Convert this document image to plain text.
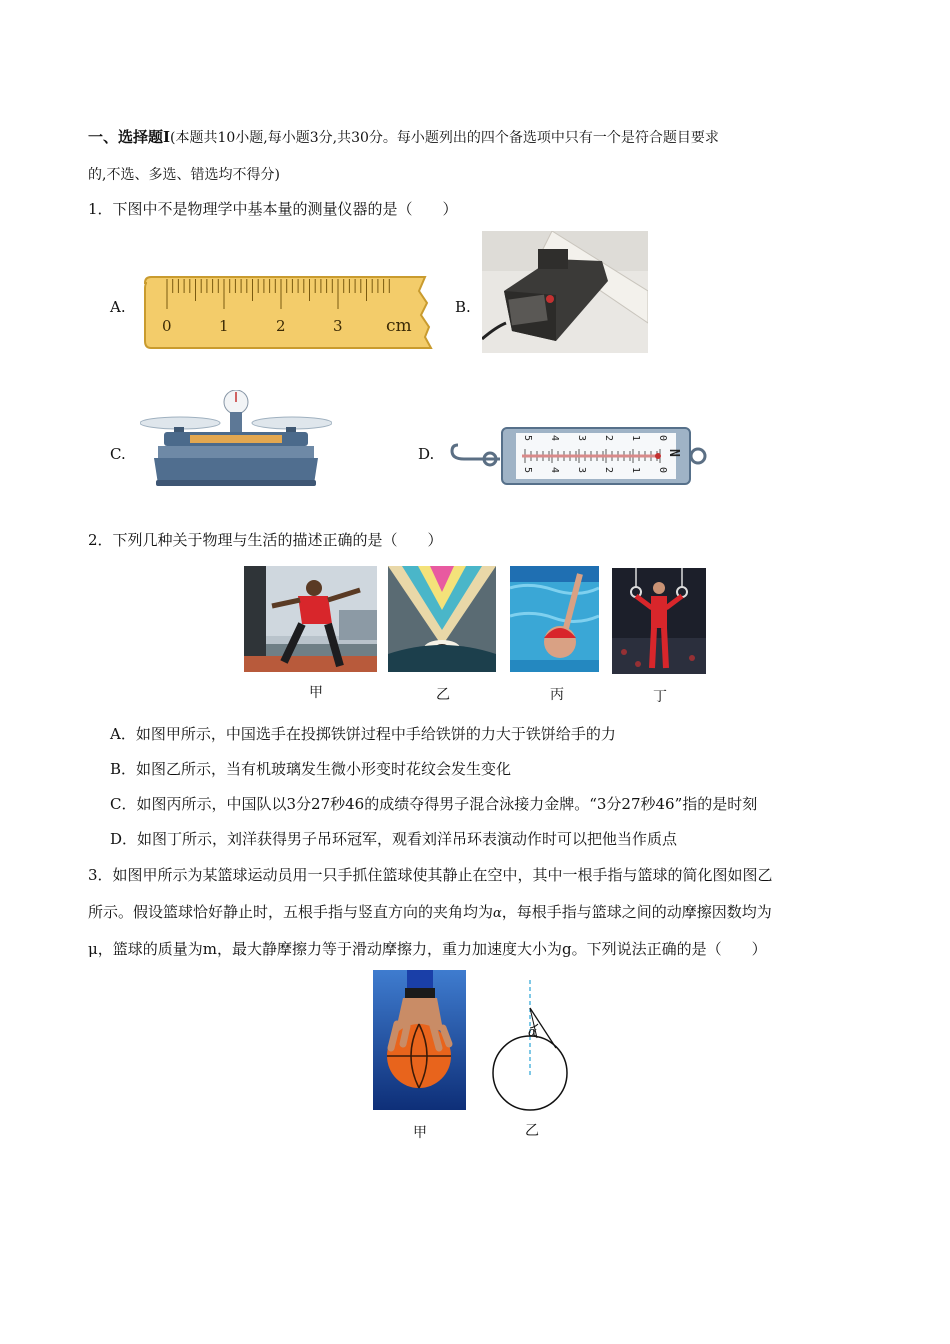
一、选择题Ⅰ(本题共10小题,每小题3分,共30分。每小题列出的四个备选项中只有一个是符合题目要求
的,不选、多选、错选均不得分)
1．下图中不是物理学中基本量的测量仪器的是（　　）
A.
0	1	2	3	cm
B.
C.	D.
0
1
2
3
4
5
0
1
2
3
4
5
N
2．下列几种关于物理与生活的描述正确的是（　　）
甲	乙	丙	丁
A．如图甲所示，中国选手在投掷铁饼过程中手给铁饼的力大于铁饼给手的力
B．如图乙所示，当有机玻璃发生微小形变时花纹会发生变化
C．如图丙所示，中国队以3分27秒46的成绩夺得男子混合泳接力金牌。“3分27秒46”指的是时刻
D．如图丁所示，刘洋获得男子吊环冠军，观看刘洋吊环表演动作时可以把他当作质点
3．如图甲所示为某篮球运动员用一只手抓住篮球使其静止在空中，其中一根手指与篮球的简化图如图乙
所示。假设篮球恰好静止时，五根手指与竖直方向的夹角均为α，每根手指与篮球之间的动摩擦因数均为
μ，篮球的质量为m，最大静摩擦力等于滑动摩擦力，重力加速度大小为g。下列说法正确的是（　　）
α
甲	乙
